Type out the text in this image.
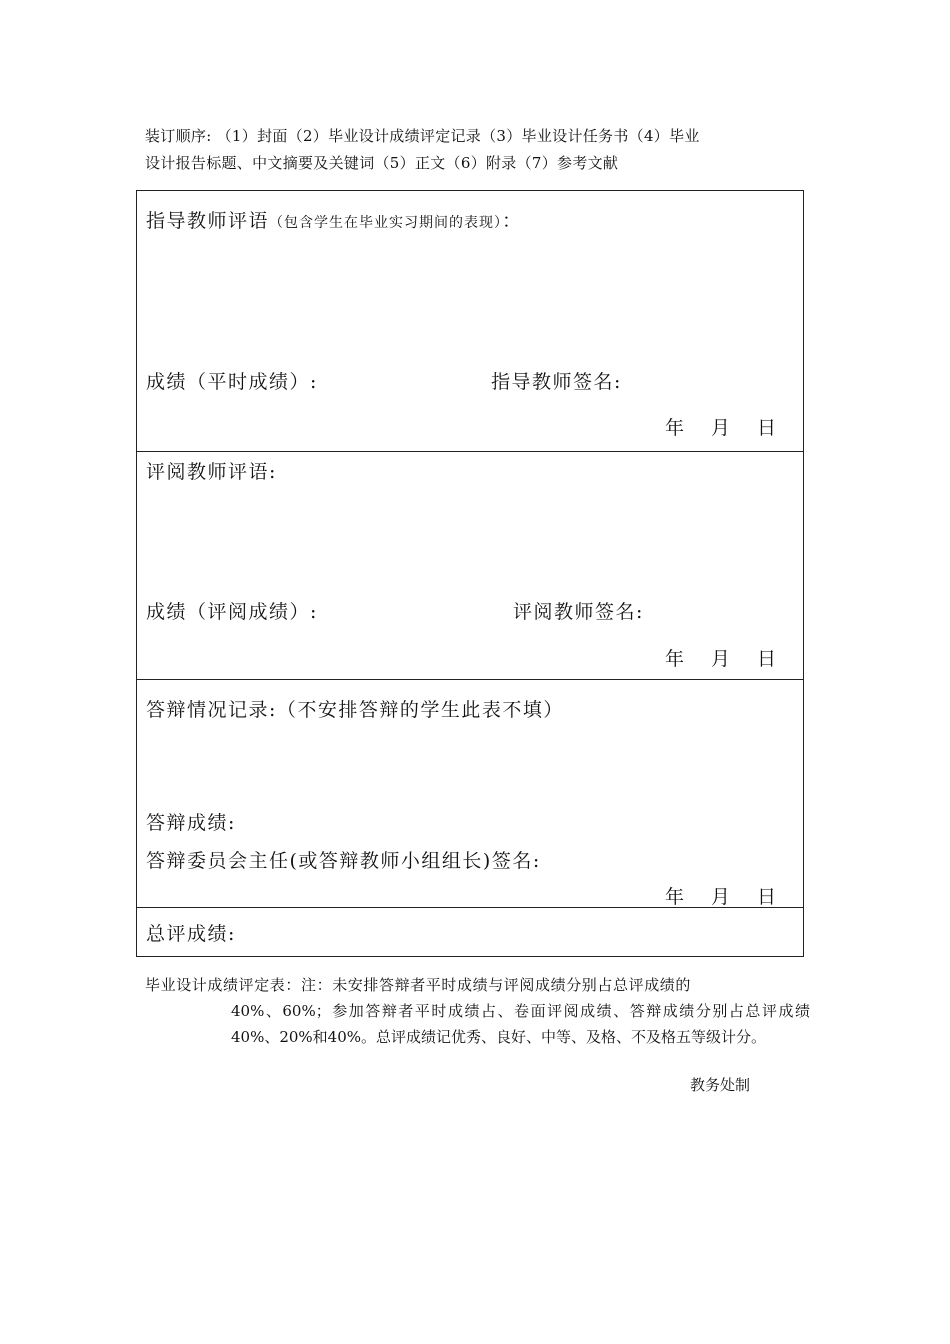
装订顺序: （1）封面（2）毕业设计成绩评定记录（3）毕业设计任务书（4）毕业
设计报告标题、中文摘要及关键词（5）正文（6）附录（7）参考文献
指导教师评语（包含学生在毕业实习期间的表现）：
成绩（平时成绩）:	指导教师签名:
年 月 日
评阅教师评语:
成绩（评阅成绩）:	评阅教师签名:
年 月 日
答辩情况记录:（不安排答辩的学生此表不填）
答辩成绩:
答辩委员会主任(或答辩教师小组组长)签名:
年 月 日
总评成绩:
毕业设计成绩评定表：注：未安排答辩者平时成绩与评阅成绩分别占总评成绩的
40%、60%；参加答辩者平时成绩占、卷面评阅成绩、答辩成绩分别占总评成绩40%、20%和40%。总评成绩记优秀、良好、中等、及格、不及格五等级计分。
教务处制
